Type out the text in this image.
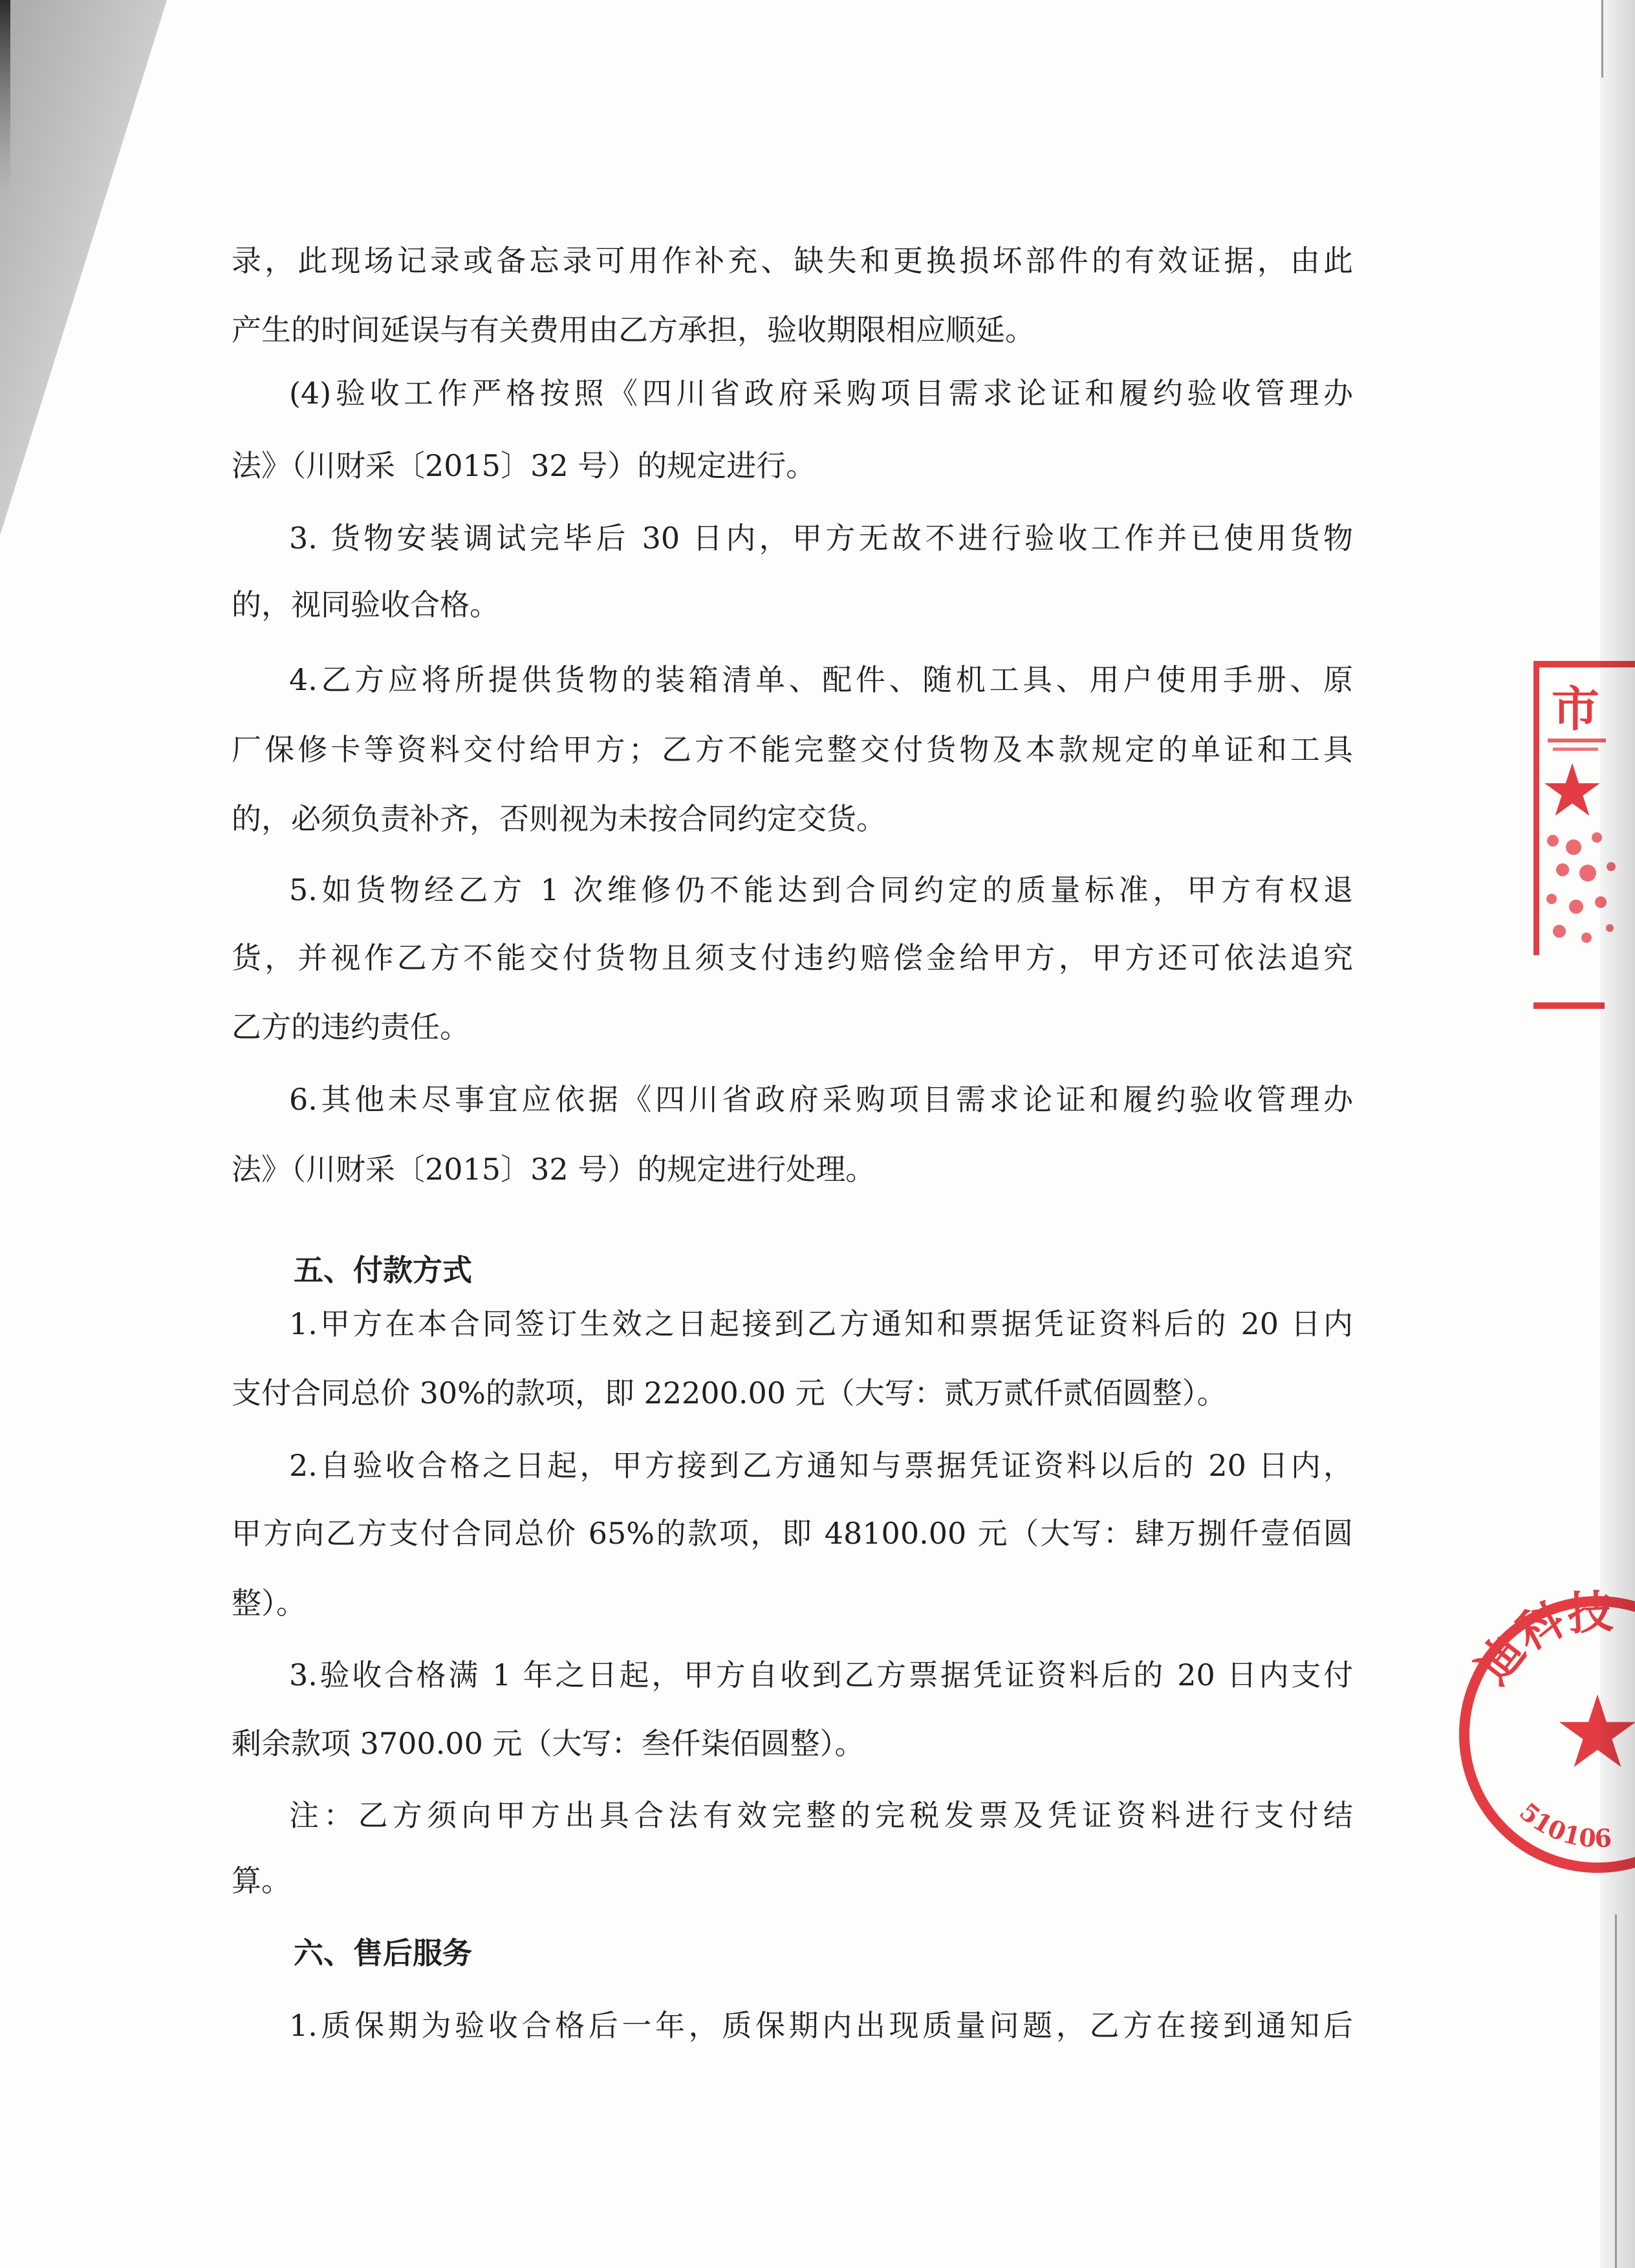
录，此现场记录或备忘录可用作补充、缺失和更换损坏部件的有效证据，由此
产生的时间延误与有关费用由乙方承担，验收期限相应顺延。
(4)验收工作严格按照《四川省政府采购项目需求论证和履约验收管理办
法》（川财采〔2015〕32 号）的规定进行。
3. 货物安装调试完毕后 30 日内，甲方无故不进行验收工作并已使用货物
的，视同验收合格。
4.乙方应将所提供货物的装箱清单、配件、随机工具、用户使用手册、原
厂保修卡等资料交付给甲方；乙方不能完整交付货物及本款规定的单证和工具
的，必须负责补齐，否则视为未按合同约定交货。
5.如货物经乙方 1 次维修仍不能达到合同约定的质量标准，甲方有权退
货，并视作乙方不能交付货物且须支付违约赔偿金给甲方，甲方还可依法追究
乙方的违约责任。
6.其他未尽事宜应依据《四川省政府采购项目需求论证和履约验收管理办
法》（川财采〔2015〕32 号）的规定进行处理。
五、付款方式
1.甲方在本合同签订生效之日起接到乙方通知和票据凭证资料后的 20 日内
支付合同总价 30%的款项，即 22200.00 元（大写：贰万贰仟贰佰圆整）。
2.自验收合格之日起，甲方接到乙方通知与票据凭证资料以后的 20 日内，
甲方向乙方支付合同总价 65%的款项，即 48100.00 元（大写：肆万捌仟壹佰圆
整）。
3.验收合格满 1 年之日起，甲方自收到乙方票据凭证资料后的 20 日内支付
剩余款项 3700.00 元（大写：叁仟柒佰圆整）。
注：乙方须向甲方出具合法有效完整的完税发票及凭证资料进行支付结
算。
六、售后服务
1.质保期为验收合格后一年，质保期内出现质量问题，乙方在接到通知后
市
迪科技
510106
